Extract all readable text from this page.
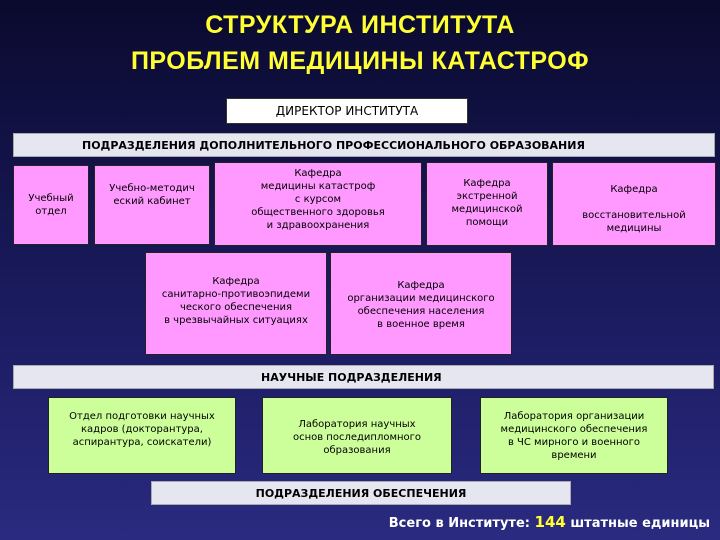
СТРУКТУРА ИНСТИТУТА
ПРОБЛЕМ МЕДИЦИНЫ КАТАСТРОФ
ДИРЕКТОР ИНСТИТУТА
ПОДРАЗДЕЛЕНИЯ ДОПОЛНИТЕЛЬНОГО ПРОФЕССИОНАЛЬНОГО ОБРАЗОВАНИЯ
Учебный
отдел
Учебно-методич
еский кабинет
Кафедра
медицины катастроф
с курсом
общественного здоровья
и здравоохранения
Кафедра
экстренной
медицинской
помощи
Кафедра

восстановительной
медицины
Кафедра
санитарно-противоэпидеми
ческого обеспечения
в чрезвычайных ситуациях
Кафедра
организации медицинского
обеспечения населения
в военное время
НАУЧНЫЕ ПОДРАЗДЕЛЕНИЯ
Отдел подготовки научных
кадров (докторантура,
аспирантура, соискатели)
Лаборатория научных
основ последипломного
образования
Лаборатория организации
медицинского обеспечения
в ЧС мирного и военного
времени
ПОДРАЗДЕЛЕНИЯ ОБЕСПЕЧЕНИЯ
Всего в Институте: 144 штатные единицы
